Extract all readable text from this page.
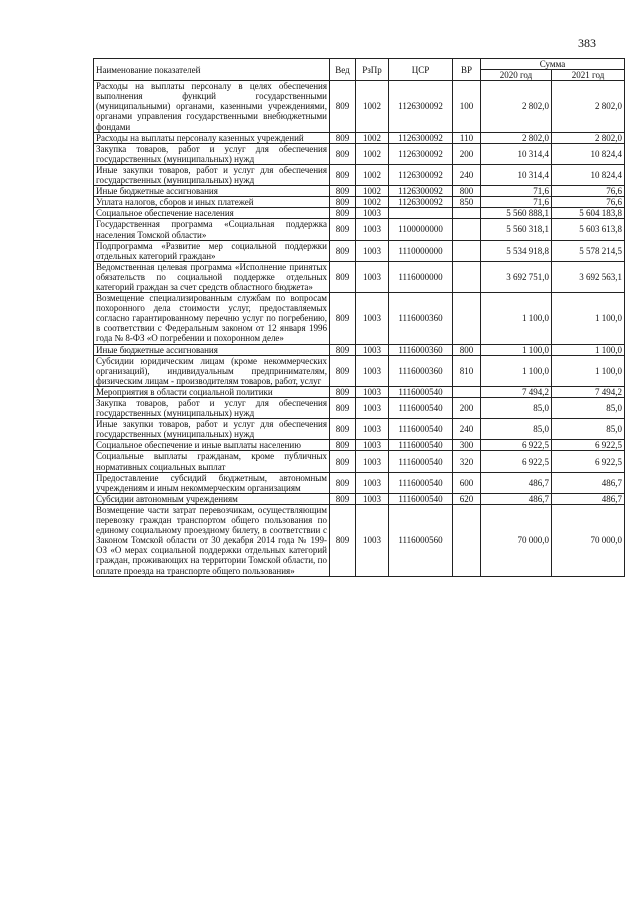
383
Наименование показателей	Вед	РзПр	ЦСР	ВР	Сумма	
					2020 год	2021 год
Расходы на выплаты персоналу в целях обеспечения выполнения функций государственными (муниципальными) органами, казенными учреждениями, органами управления государственными внебюджетными фондами	809	1002	1126300092	100	2 802,0	2 802,0
Расходы на выплаты персоналу казенных учреждений	809	1002	1126300092	110	2 802,0	2 802,0
Закупка товаров, работ и услуг для обеспечения государственных (муниципальных) нужд	809	1002	1126300092	200	10 314,4	10 824,4
Иные закупки товаров, работ и услуг для обеспечения государственных (муниципальных) нужд	809	1002	1126300092	240	10 314,4	10 824,4
Иные бюджетные ассигнования	809	1002	1126300092	800	71,6	76,6
Уплата налогов, сборов и иных платежей	809	1002	1126300092	850	71,6	76,6
Социальное обеспечение населения	809	1003			5 560 888,1	5 604 183,8
Государственная программа «Социальная поддержка населения Томской области»	809	1003	1100000000		5 560 318,1	5 603 613,8
Подпрограмма «Развитие мер социальной поддержки отдельных категорий граждан»	809	1003	1110000000		5 534 918,8	5 578 214,5
Ведомственная целевая программа «Исполнение принятых обязательств по социальной поддержке отдельных категорий граждан за счет средств областного бюджета»	809	1003	1116000000		3 692 751,0	3 692 563,1
Возмещение специализированным службам по вопросам похоронного дела стоимости услуг, предоставляемых согласно гарантированному перечню услуг по погребению, в соответствии с Федеральным законом от 12 января 1996 года № 8-ФЗ «О погребении и похоронном деле»	809	1003	1116000360		1 100,0	1 100,0
Иные бюджетные ассигнования	809	1003	1116000360	800	1 100,0	1 100,0
Субсидии юридическим лицам (кроме некоммерческих организаций), индивидуальным предпринимателям, физическим лицам - производителям товаров, работ, услуг	809	1003	1116000360	810	1 100,0	1 100,0
Мероприятия в области социальной политики	809	1003	1116000540		7 494,2	7 494,2
Закупка товаров, работ и услуг для обеспечения государственных (муниципальных) нужд	809	1003	1116000540	200	85,0	85,0
Иные закупки товаров, работ и услуг для обеспечения государственных (муниципальных) нужд	809	1003	1116000540	240	85,0	85,0
Социальное обеспечение и иные выплаты населению	809	1003	1116000540	300	6 922,5	6 922,5
Социальные выплаты гражданам, кроме публичных нормативных социальных выплат	809	1003	1116000540	320	6 922,5	6 922,5
Предоставление субсидий бюджетным, автономным учреждениям и иным некоммерческим организациям	809	1003	1116000540	600	486,7	486,7
Субсидии автономным учреждениям	809	1003	1116000540	620	486,7	486,7
Возмещение части затрат перевозчикам, осуществляющим перевозку граждан транспортом общего пользования по единому социальному проездному билету, в соответствии с Законом Томской области от 30 декабря 2014 года № 199-ОЗ «О мерах социальной поддержки отдельных категорий граждан, проживающих на территории Томской области, по оплате проезда на транспорте общего пользования»	809	1003	1116000560		70 000,0	70 000,0
